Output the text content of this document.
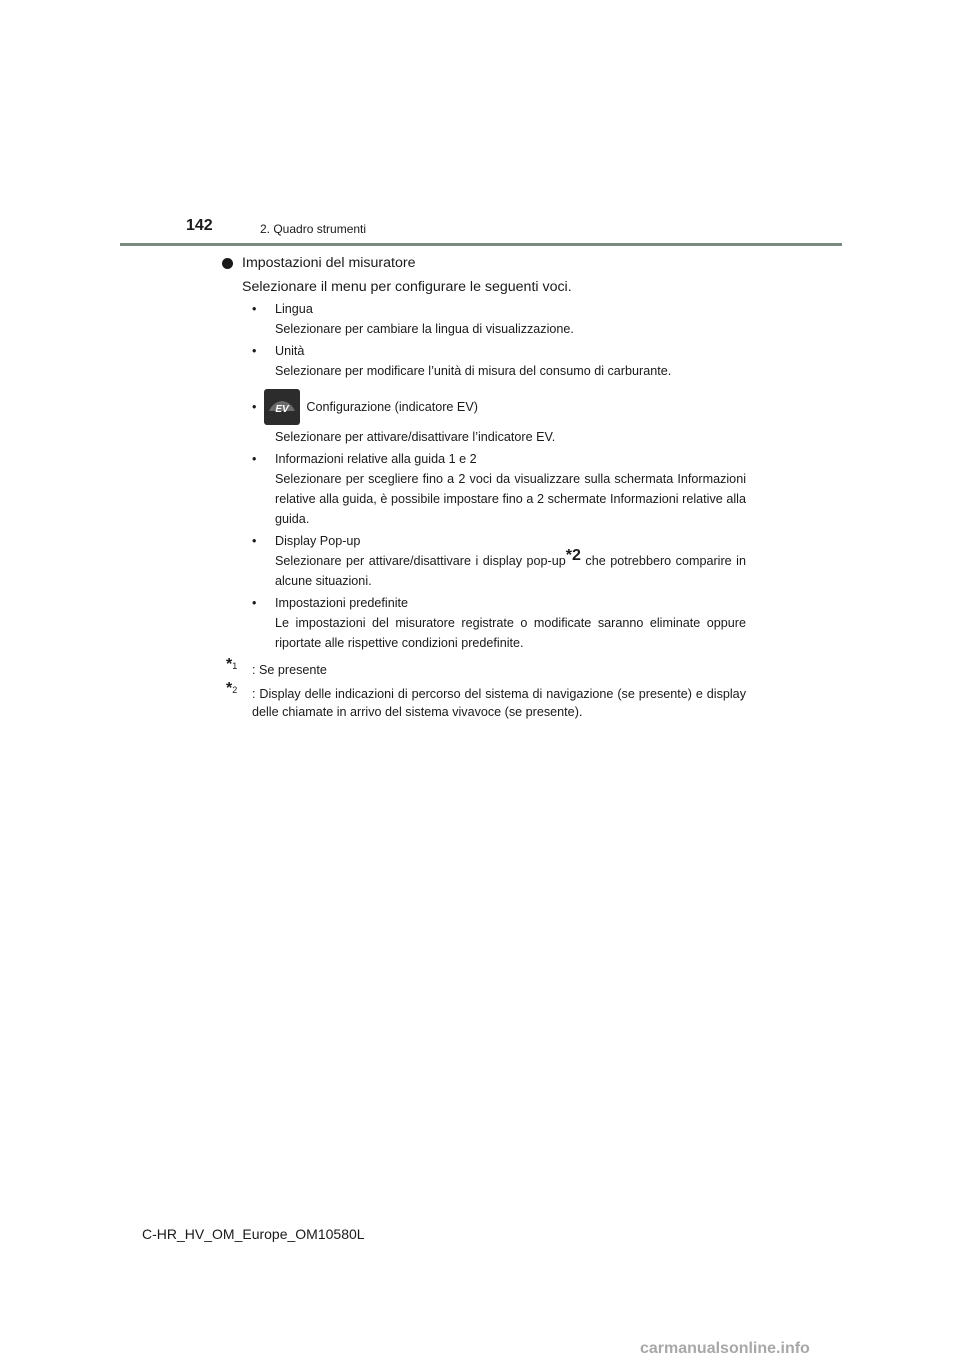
142	2. Quadro strumenti
Impostazioni del misuratore
Selezionare il menu per configurare le seguenti voci.
• Lingua
Selezionare per cambiare la lingua di visualizzazione.
• Unità
Selezionare per modificare l’unità di misura del consumo di carburante.
• EV Configurazione (indicatore EV)
Selezionare per attivare/disattivare l’indicatore EV.
• Informazioni relative alla guida 1 e 2
Selezionare per scegliere fino a 2 voci da visualizzare sulla schermata Informazioni relative alla guida, è possibile impostare fino a 2 schermate Informazioni relative alla guida.
• Display Pop-up
Selezionare per attivare/disattivare i display pop-up*2 che potrebbero comparire in alcune situazioni.
• Impostazioni predefinite
Le impostazioni del misuratore registrate o modificate saranno eliminate oppure riportate alle rispettive condizioni predefinite.
*$^1$	: Se presente
*$^2$	: Display delle indicazioni di percorso del sistema di navigazione (se presente) e display delle chiamate in arrivo del sistema vivavoce (se presente).
C-HR_HV_OM_Europe_OM10580L
carmanualsonline.info
